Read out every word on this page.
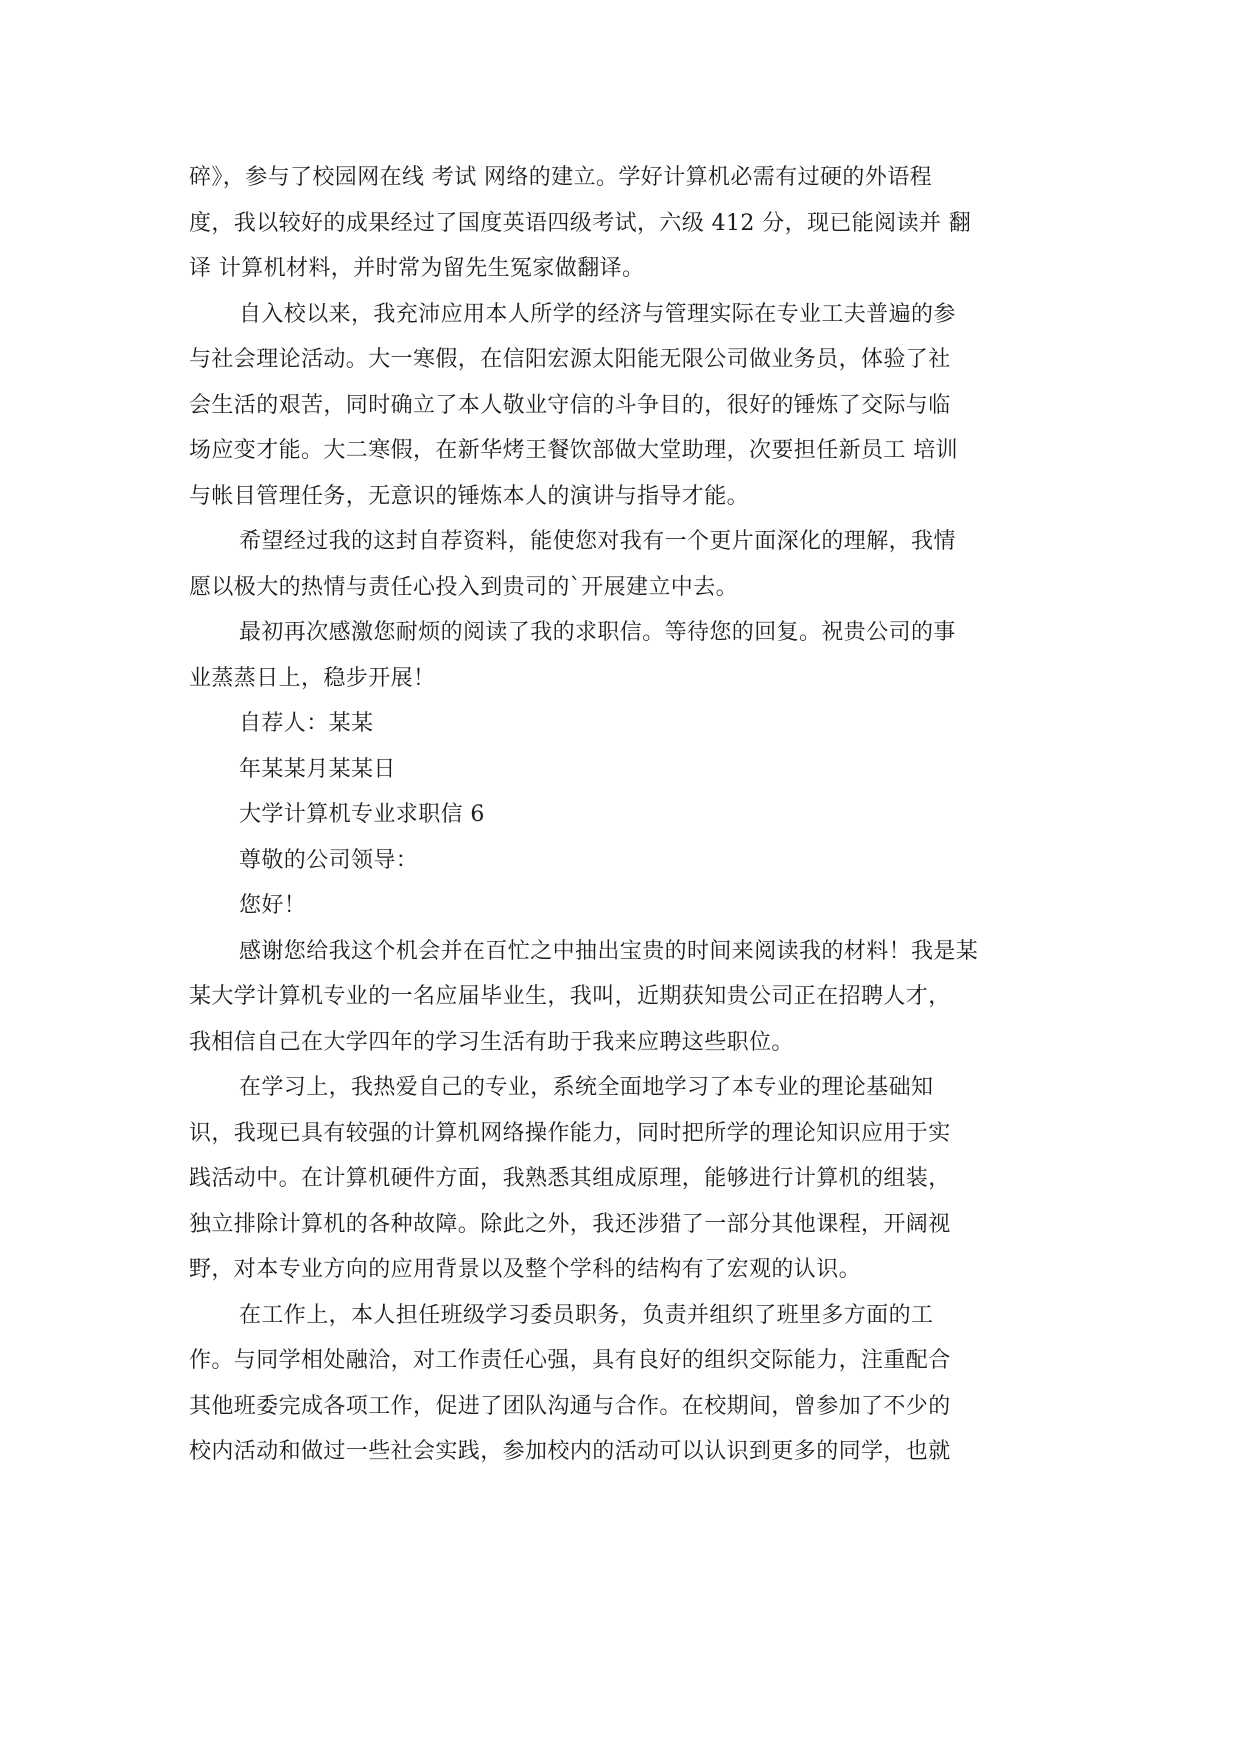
碎》，参与了校园网在线 考试 网络的建立。学好计算机必需有过硬的外语程
度，我以较好的成果经过了国度英语四级考试，六级 412 分，现已能阅读并 翻
译 计算机材料，并时常为留先生冤家做翻译。
自入校以来，我充沛应用本人所学的经济与管理实际在专业工夫普遍的参
与社会理论活动。大一寒假，在信阳宏源太阳能无限公司做业务员，体验了社
会生活的艰苦，同时确立了本人敬业守信的斗争目的，很好的锤炼了交际与临
场应变才能。大二寒假，在新华烤王餐饮部做大堂助理，次要担任新员工 培训
与帐目管理任务，无意识的锤炼本人的演讲与指导才能。
希望经过我的这封自荐资料，能使您对我有一个更片面深化的理解，我情
愿以极大的热情与责任心投入到贵司的`开展建立中去。
最初再次感激您耐烦的阅读了我的求职信。等待您的回复。祝贵公司的事
业蒸蒸日上，稳步开展！
自荐人：某某
年某某月某某日
大学计算机专业求职信 6
尊敬的公司领导：
您好！
感谢您给我这个机会并在百忙之中抽出宝贵的时间来阅读我的材料！我是某
某大学计算机专业的一名应届毕业生，我叫，近期获知贵公司正在招聘人才，
我相信自己在大学四年的学习生活有助于我来应聘这些职位。
在学习上，我热爱自己的专业，系统全面地学习了本专业的理论基础知
识，我现已具有较强的计算机网络操作能力，同时把所学的理论知识应用于实
践活动中。在计算机硬件方面，我熟悉其组成原理，能够进行计算机的组装，
独立排除计算机的各种故障。除此之外，我还涉猎了一部分其他课程，开阔视
野，对本专业方向的应用背景以及整个学科的结构有了宏观的认识。
在工作上，本人担任班级学习委员职务，负责并组织了班里多方面的工
作。与同学相处融洽，对工作责任心强，具有良好的组织交际能力，注重配合
其他班委完成各项工作，促进了团队沟通与合作。在校期间，曾参加了不少的
校内活动和做过一些社会实践，参加校内的活动可以认识到更多的同学，也就
